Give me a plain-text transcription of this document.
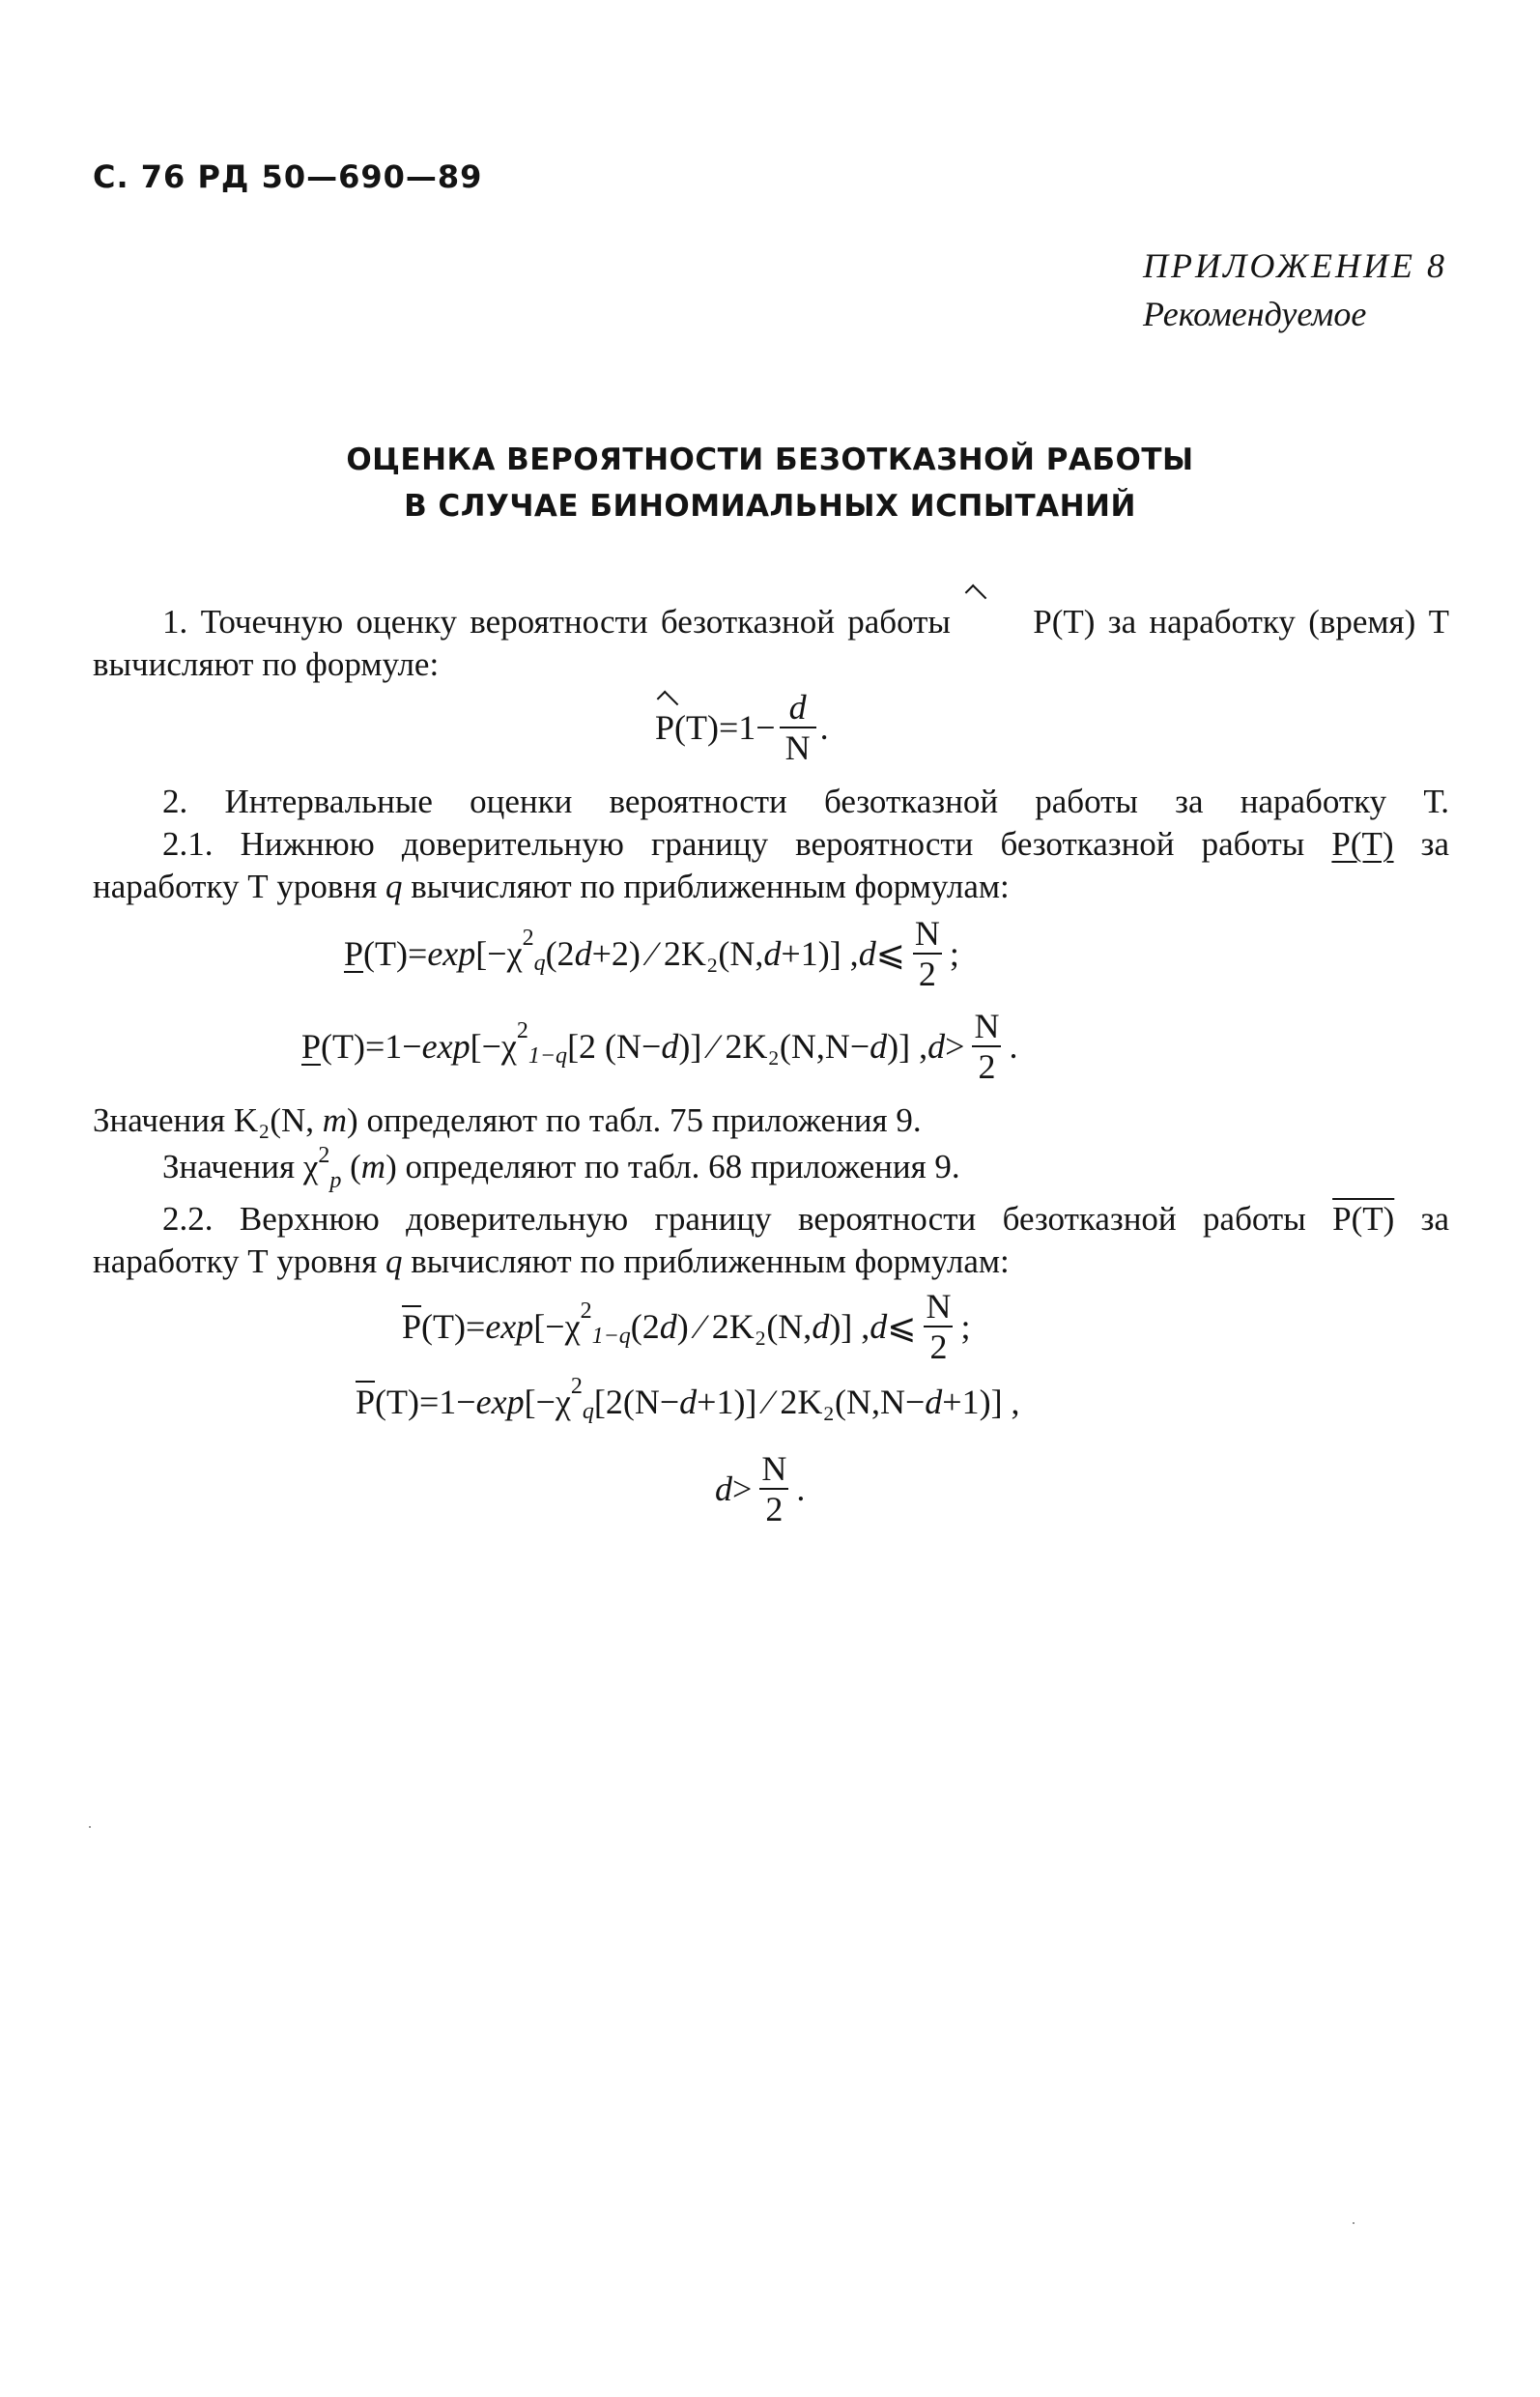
С. 76 РД 50—690—89
ПРИЛОЖЕНИЕ 8
Рекомендуемое
ОЦЕНКА ВЕРОЯТНОСТИ БЕЗОТКАЗНОЙ РАБОТЫ
В СЛУЧАЕ БИНОМИАЛЬНЫХ ИСПЫТАНИЙ
1. Точечную оценку вероятности безотказной работы P(T) за наработку (время) Т вычисляют по формуле:
$P(T)=1- \frac{d}{N}$ .
2. Интервальные оценки вероятности безотказной работы за наработку Т.
2.1. Нижнюю доверительную границу вероятности безотказной работы P(T) за наработку Т уровня q вычисляют по приближенным формулам:
P (T)= exp [−χ 2
q (2 d +2) ⁄ 2K₂(N, d +1)] , d ⩽ $\frac{N}{2}$ ;
P (T)=1− exp [−χ 2
1−q [2 (N− d )] ⁄ 2K₂(N,N− d )] , $d > \frac{N}{2}$ .
Значения K₂(N, m) определяют по табл. 75 приложения 9.
Значения $\chi^2_p$ (m) определяют по табл. 68 приложения 9.
2.2. Верхнюю доверительную границу вероятности безотказной работы P(T) за наработку Т уровня q вычисляют по приближенным формулам:
$\overline{P}$ (T)= exp [−χ 2
1−q (2 d ) ⁄ 2K₂(N, d )] , d ⩽ $\frac{N}{2}$ ;
$\overline{P}$ (T)=1− exp [−χ 2
q [2(N− d +1)] ⁄ 2K₂(N,N− d +1)] ,
$d > \frac{N}{2}$ .
